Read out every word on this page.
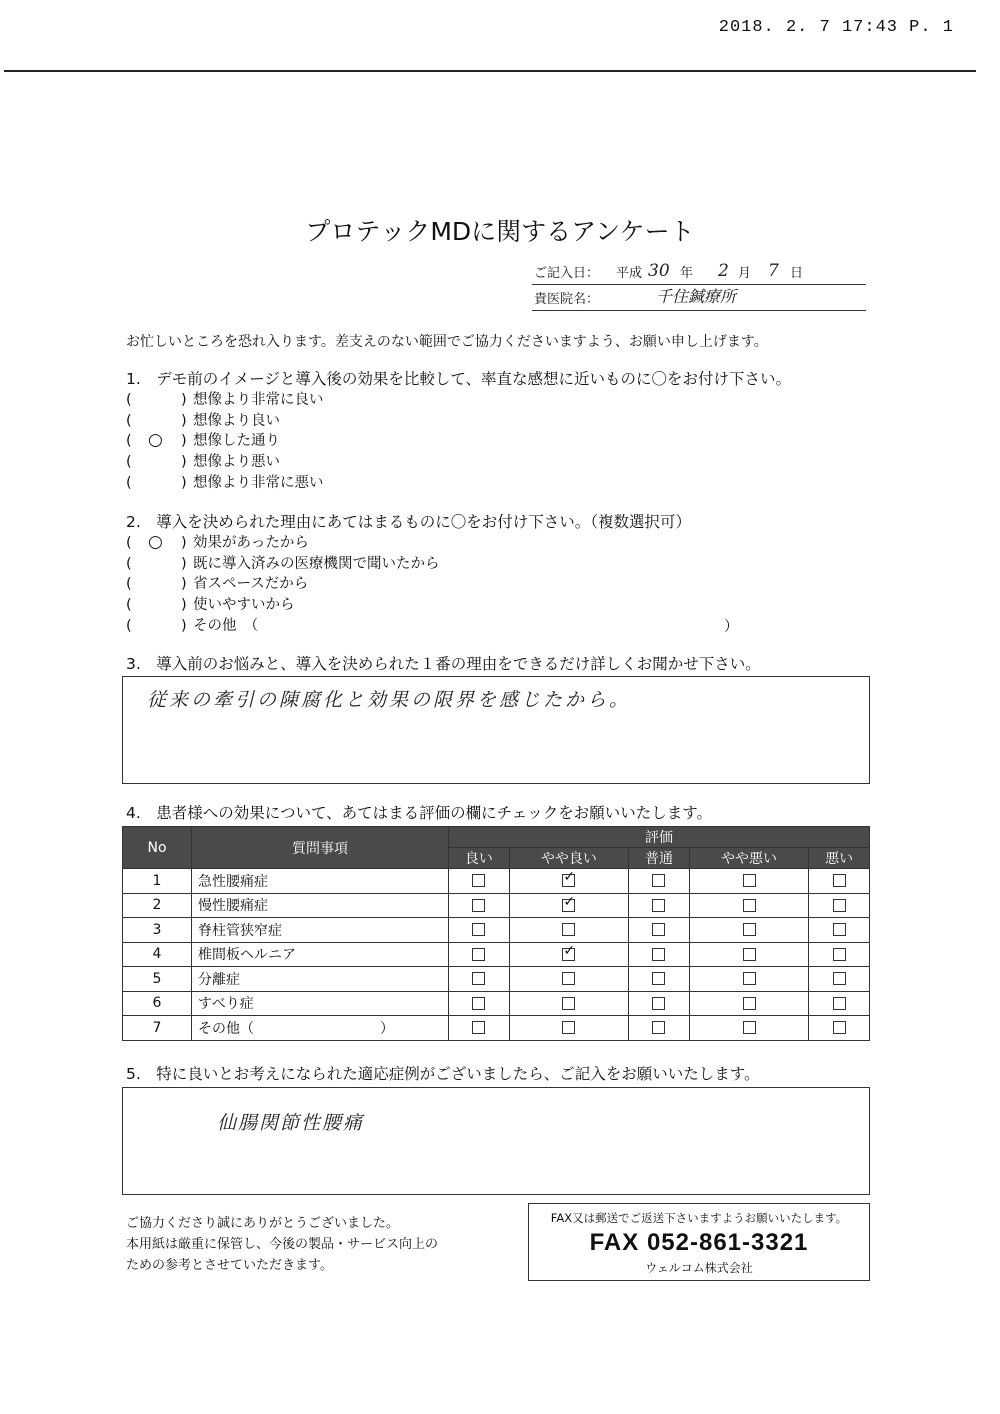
2018. 2. 7 17:43 P. 1
プロテックMDに関するアンケート
ご記入日： 平成 30 年 2 月 7 日
貴医院名：	千住鍼療所
お忙しいところを恐れ入ります。差支えのない範囲でご協力くださいますよう、お願い申し上げます。
1.　デモ前のイメージと導入後の効果を比較して、率直な感想に近いものに〇をお付け下さい。
(	) 想像より非常に良い
(	) 想像より良い
( ○ ) 想像した通り
(	) 想像より悪い
(	) 想像より非常に悪い
2.　導入を決められた理由にあてはまるものに〇をお付け下さい。（複数選択可）
( ○ ) 効果があったから
(	) 既に導入済みの医療機関で聞いたから
(	) 省スペースだから
(	) 使いやすいから
(	) その他　（	）
3.　導入前のお悩みと、導入を決められた１番の理由をできるだけ詳しくお聞かせ下さい。
従来の牽引の陳腐化と効果の限界を感じたから。
4.　患者様への効果について、あてはまる評価の欄にチェックをお願いいたします。
No	質問事項	評価				
		良い	やや良い	普通	やや悪い	悪い
1	急性腰痛症		✓			
2	慢性腰痛症		✓			
3	脊柱管狭窄症					
4	椎間板ヘルニア		✓			
5	分離症					
6	すべり症					
7	その他（　　　　　　　　　）					
5.　特に良いとお考えになられた適応症例がございましたら、ご記入をお願いいたします。
仙腸関節性腰痛
ご協力くださり誠にありがとうございました。
本用紙は厳重に保管し、今後の製品・サービス向上の
ための参考とさせていただきます。
FAX又は郵送でご返送下さいますようお願いいたします。
FAX 052-861-3321
ウェルコム株式会社
